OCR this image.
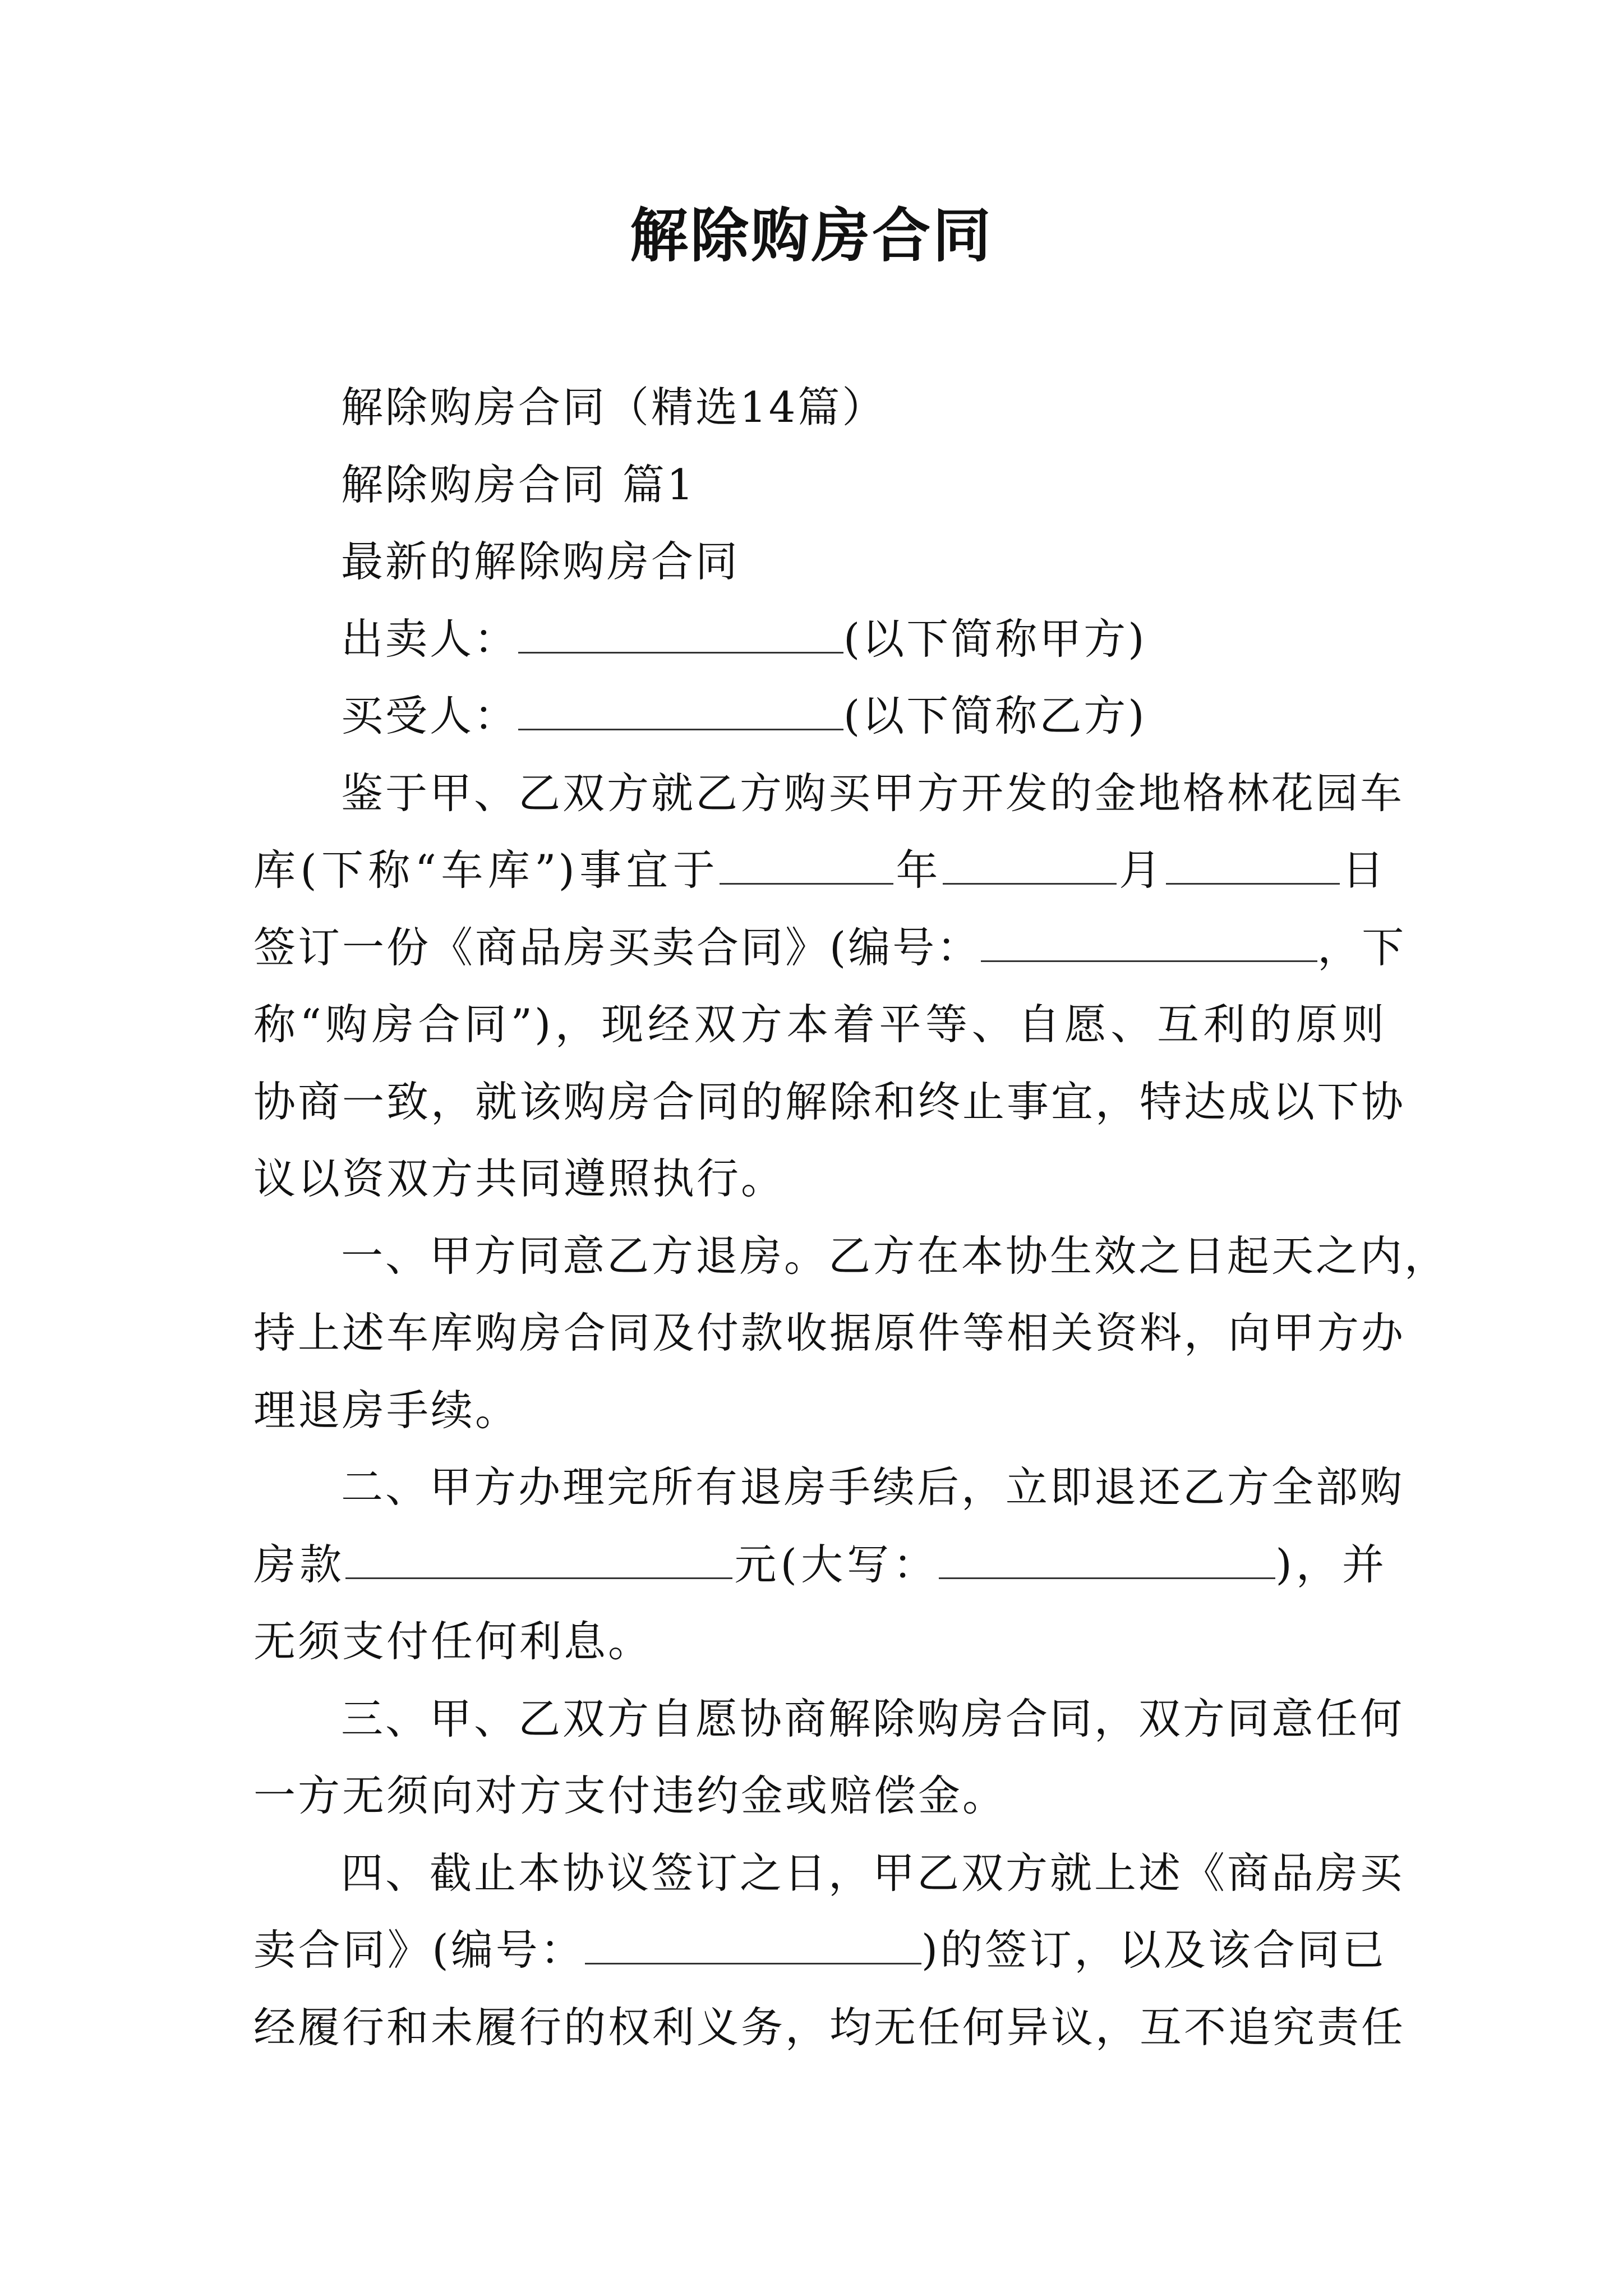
解除购房合同
解除购房合同（精选14篇）
解除购房合同 篇1
最新的解除购房合同
出卖人：	(以下简称甲方)
买受人：	(以下简称乙方)
鉴于甲、乙双方就乙方购买甲方开发的金地格林花园车
库(下称“车库”)事宜于	年	月	日
签订一份《商品房买卖合同》(编号：	，下
称“购房合同”)，现经双方本着平等、自愿、互利的原则
协商一致，就该购房合同的解除和终止事宜，特达成以下协
议以资双方共同遵照执行。
一、甲方同意乙方退房。乙方在本协生效之日起天之内，
持上述车库购房合同及付款收据原件等相关资料，向甲方办
理退房手续。
二、甲方办理完所有退房手续后，立即退还乙方全部购
房款	元(大写：	)，并
无须支付任何利息。
三、甲、乙双方自愿协商解除购房合同，双方同意任何
一方无须向对方支付违约金或赔偿金。
四、截止本协议签订之日，甲乙双方就上述《商品房买
卖合同》(编号：	)的签订，以及该合同已
经履行和未履行的权利义务，均无任何异议，互不追究责任
